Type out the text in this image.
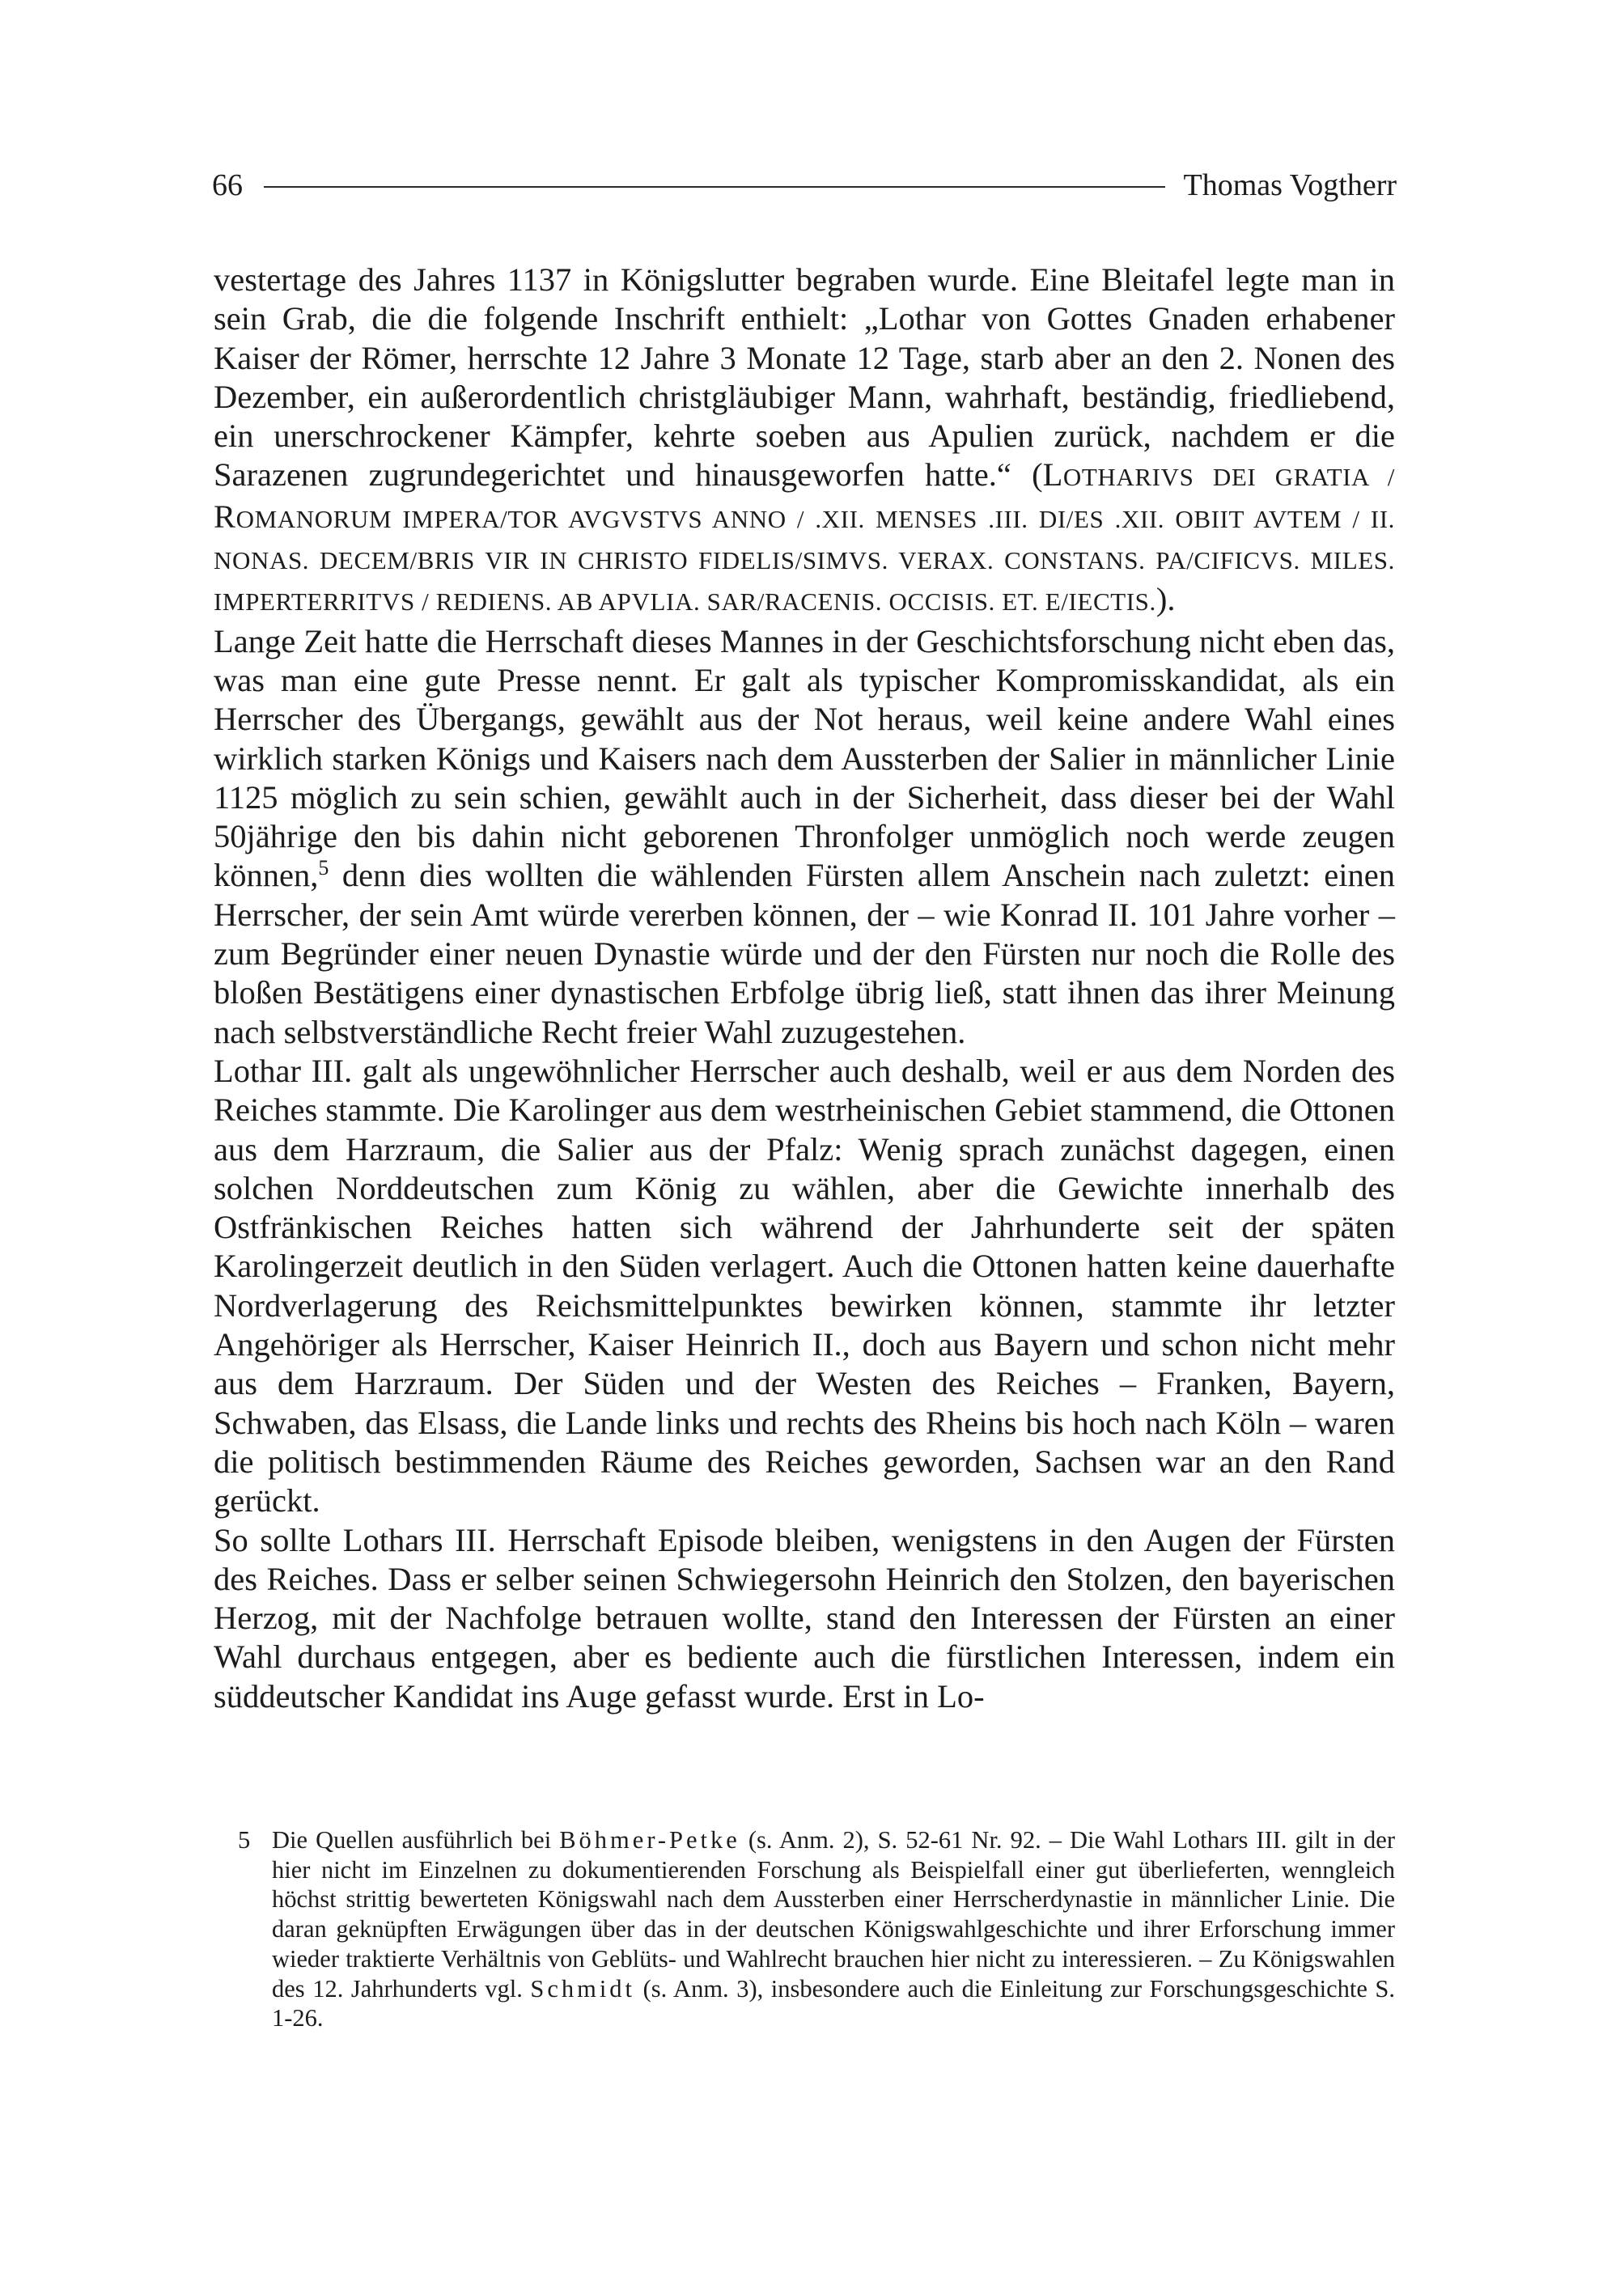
66	Thomas Vogtherr

vestertage des Jahres 1137 in Königslutter begraben wurde. Eine Bleitafel legte man in sein Grab, die die folgende Inschrift enthielt: „Lothar von Gottes Gnaden erhabener Kaiser der Römer, herrschte 12 Jahre 3 Monate 12 Tage, starb aber an den 2. Nonen des Dezember, ein außerordentlich christgläubiger Mann, wahrhaft, beständig, friedliebend, ein unerschrockener Kämpfer, kehrte soeben aus Apulien zurück, nachdem er die Sarazenen zugrundegerichtet und hinausgeworfen hatte.“ (LOTHARIVS DEI GRATIA / ROMANORUM IMPERA/TOR AVGVSTVS ANNO / .XII. MENSES .III. DI/ES .XII. OBIIT AVTEM / II. NONAS. DECEM/BRIS VIR IN CHRISTO FIDELIS/SIMVS. VERAX. CONSTANS. PA/CIFICVS. MILES. IMPERTERRITVS / REDIENS. AB APVLIA. SAR/RACENIS. OCCISIS. ET. E/IECTIS.).

Lange Zeit hatte die Herrschaft dieses Mannes in der Geschichtsforschung nicht eben das, was man eine gute Presse nennt. Er galt als typischer Kompromisskandidat, als ein Herrscher des Übergangs, gewählt aus der Not heraus, weil keine andere Wahl eines wirklich starken Königs und Kaisers nach dem Aussterben der Salier in männlicher Linie 1125 möglich zu sein schien, gewählt auch in der Sicherheit, dass dieser bei der Wahl 50jährige den bis dahin nicht geborenen Thronfolger unmöglich noch werde zeugen können,$^5$ denn dies wollten die wählenden Fürsten allem Anschein nach zuletzt: einen Herrscher, der sein Amt würde vererben können, der – wie Konrad II. 101 Jahre vorher – zum Begründer einer neuen Dynastie würde und der den Fürsten nur noch die Rolle des bloßen Bestätigens einer dynastischen Erbfolge übrig ließ, statt ihnen das ihrer Meinung nach selbstverständliche Recht freier Wahl zuzugestehen.

Lothar III. galt als ungewöhnlicher Herrscher auch deshalb, weil er aus dem Norden des Reiches stammte. Die Karolinger aus dem westrheinischen Gebiet stammend, die Ottonen aus dem Harzraum, die Salier aus der Pfalz: Wenig sprach zunächst dagegen, einen solchen Norddeutschen zum König zu wählen, aber die Gewichte innerhalb des Ostfränkischen Reiches hatten sich während der Jahrhunderte seit der späten Karolingerzeit deutlich in den Süden verlagert. Auch die Ottonen hatten keine dauerhafte Nordverlagerung des Reichsmittelpunktes bewirken können, stammte ihr letzter Angehöriger als Herrscher, Kaiser Heinrich II., doch aus Bayern und schon nicht mehr aus dem Harzraum. Der Süden und der Westen des Reiches – Franken, Bayern, Schwaben, das Elsass, die Lande links und rechts des Rheins bis hoch nach Köln – waren die politisch bestimmenden Räume des Reiches geworden, Sachsen war an den Rand gerückt.

So sollte Lothars III. Herrschaft Episode bleiben, wenigstens in den Augen der Fürsten des Reiches. Dass er selber seinen Schwiegersohn Heinrich den Stolzen, den bayerischen Herzog, mit der Nachfolge betrauen wollte, stand den Interessen der Fürsten an einer Wahl durchaus entgegen, aber es bediente auch die fürstlichen Interessen, indem ein süddeutscher Kandidat ins Auge gefasst wurde. Erst in Lo-

5 Die Quellen ausführlich bei Böhmer-Petke (s. Anm. 2), S. 52-61 Nr. 92. – Die Wahl Lothars III. gilt in der hier nicht im Einzelnen zu dokumentierenden Forschung als Beispielfall einer gut überlieferten, wenngleich höchst strittig bewerteten Königswahl nach dem Aussterben einer Herrscherdynastie in männlicher Linie. Die daran geknüpften Erwägungen über das in der deutschen Königswahlgeschichte und ihrer Erforschung immer wieder traktierte Verhältnis von Geblüts- und Wahlrecht brauchen hier nicht zu interessieren. – Zu Königswahlen des 12. Jahrhunderts vgl. Schmidt (s. Anm. 3), insbesondere auch die Einleitung zur Forschungsgeschichte S. 1-26.
